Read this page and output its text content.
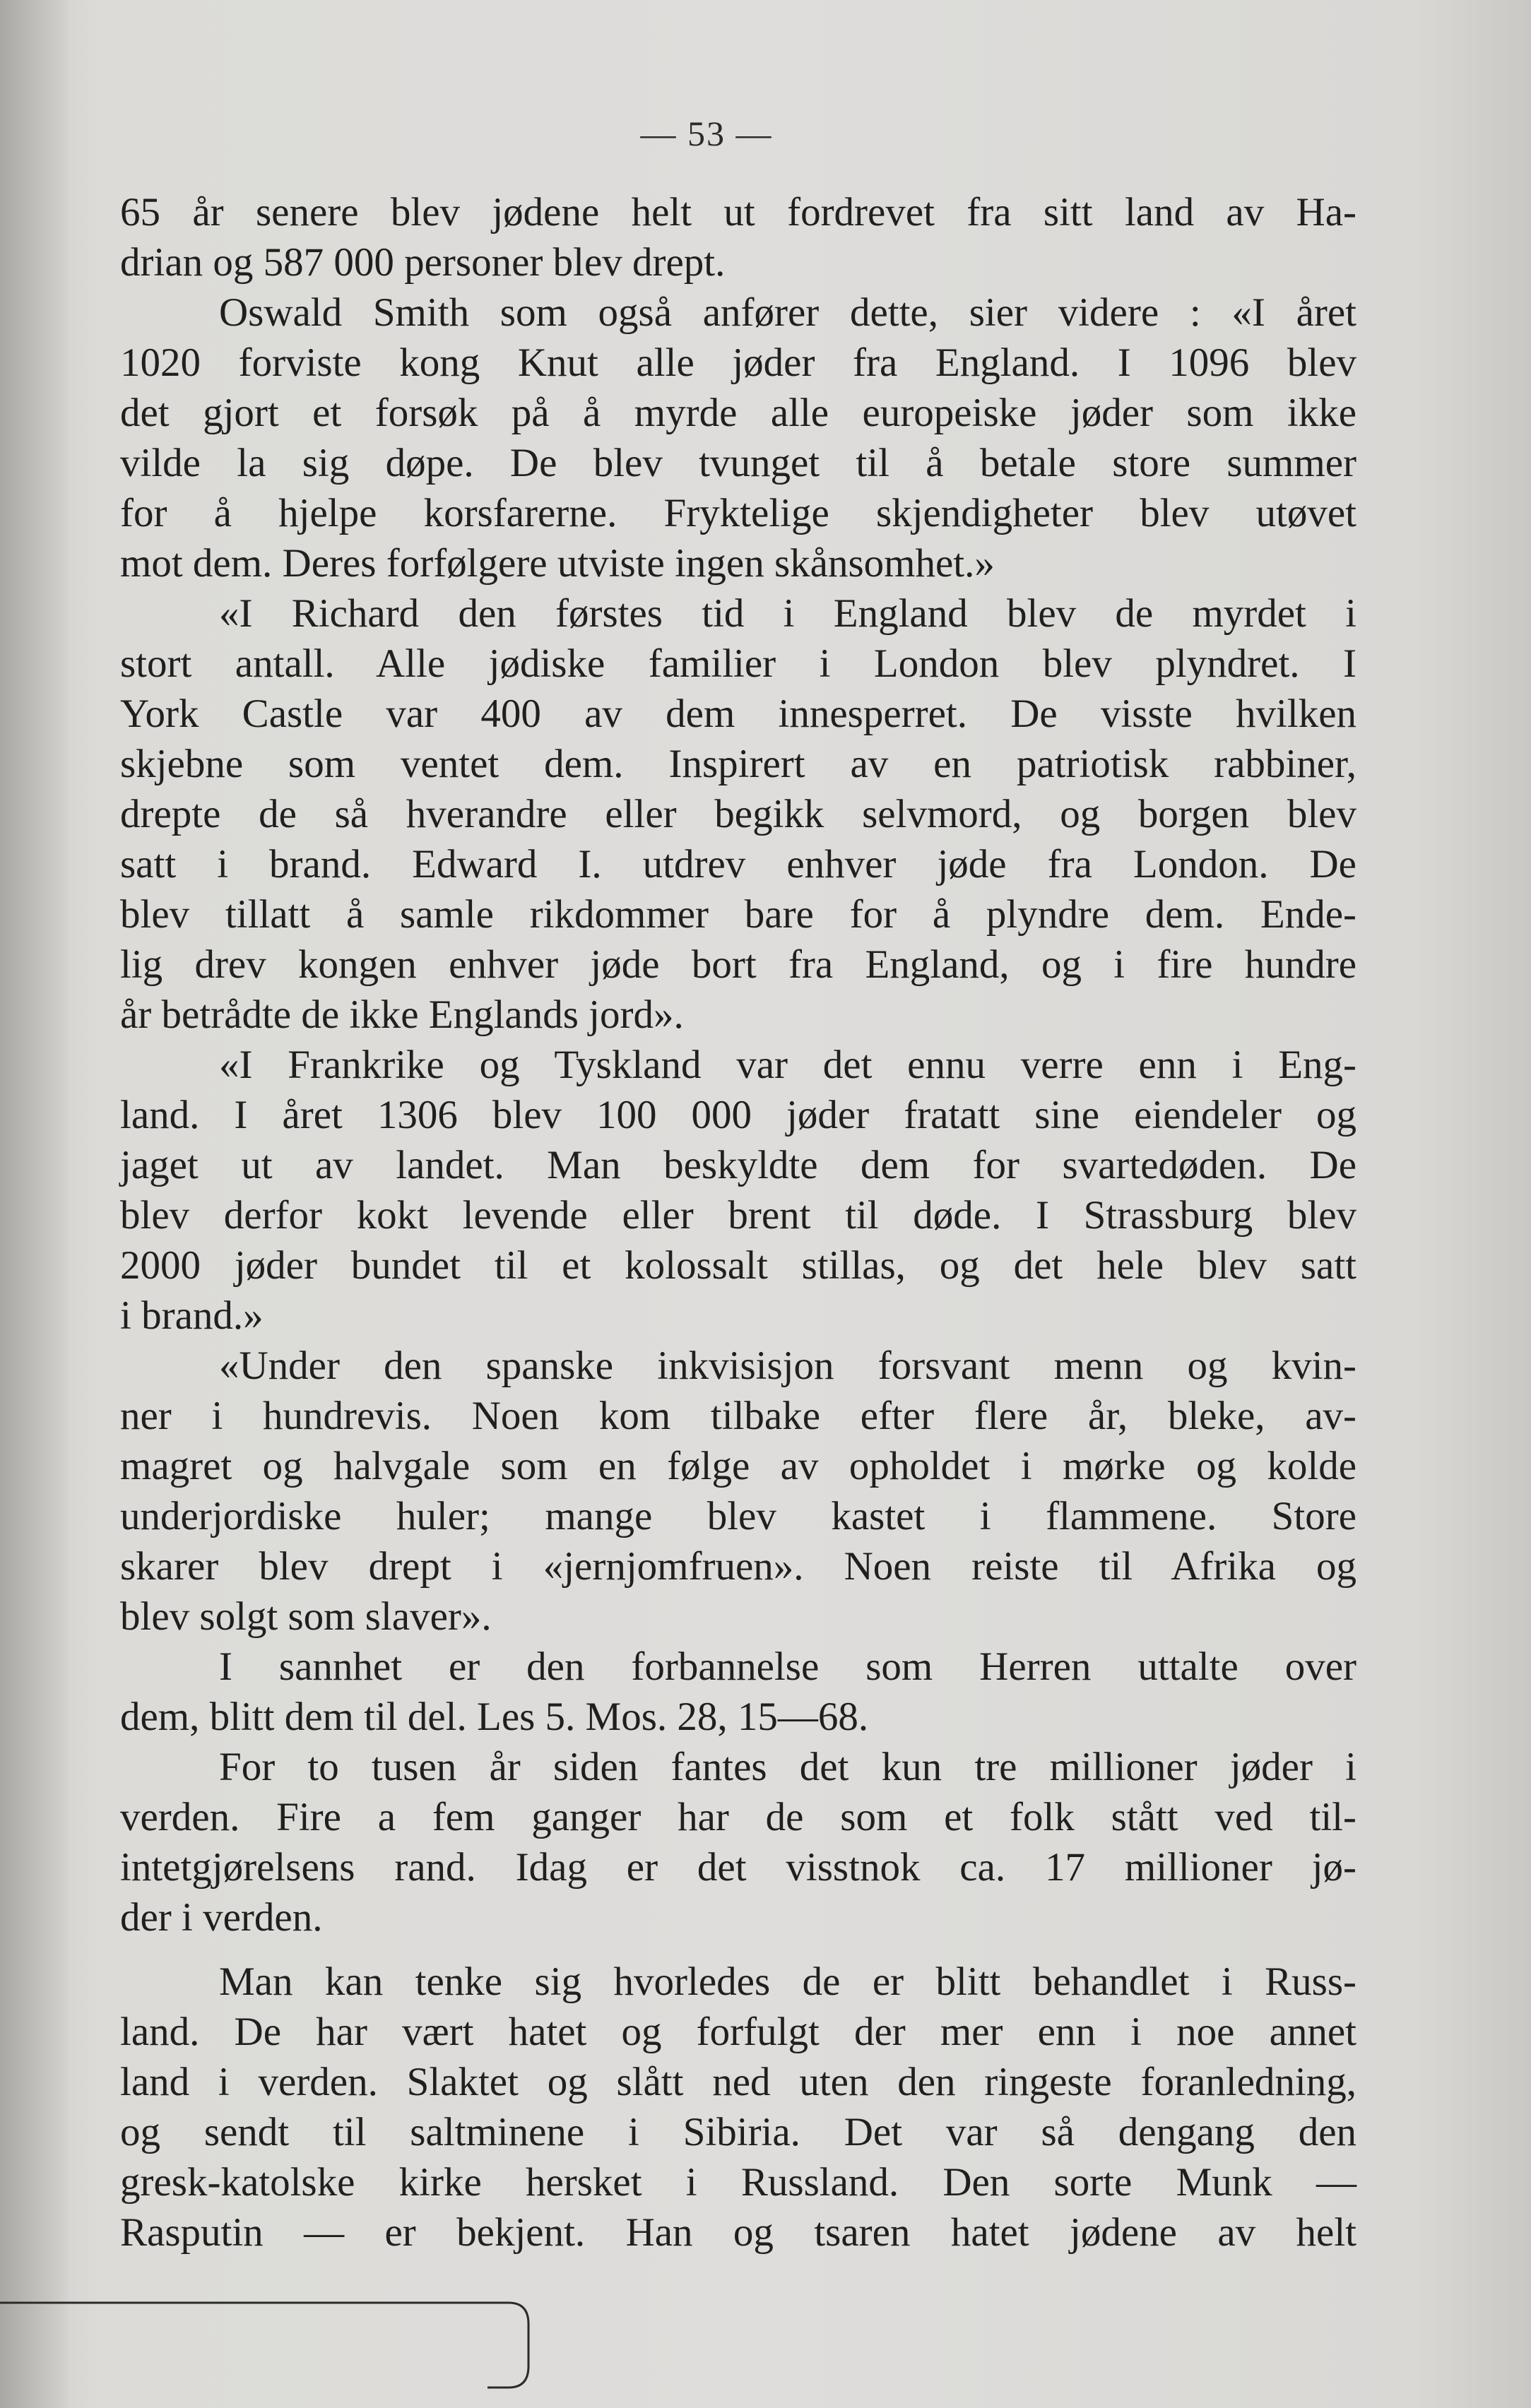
— 53 —
65 år senere blev jødene helt ut fordrevet fra sitt land av Ha-
drian og 587 000 personer blev drept.
Oswald Smith som også anfører dette, sier videre : «I året
1020 forviste kong Knut alle jøder fra England. I 1096 blev
det gjort et forsøk på å myrde alle europeiske jøder som ikke
vilde la sig døpe. De blev tvunget til å betale store summer
for å hjelpe korsfarerne. Fryktelige skjendigheter blev utøvet
mot dem. Deres forfølgere utviste ingen skånsomhet.»
«I Richard den førstes tid i England blev de myrdet i
stort antall. Alle jødiske familier i London blev plyndret. I
York Castle var 400 av dem innesperret. De visste hvilken
skjebne som ventet dem. Inspirert av en patriotisk rabbiner,
drepte de så hverandre eller begikk selvmord, og borgen blev
satt i brand. Edward I. utdrev enhver jøde fra London. De
blev tillatt å samle rikdommer bare for å plyndre dem. Ende-
lig drev kongen enhver jøde bort fra England, og i fire hundre
år betrådte de ikke Englands jord».
«I Frankrike og Tyskland var det ennu verre enn i Eng-
land. I året 1306 blev 100 000 jøder fratatt sine eiendeler og
jaget ut av landet. Man beskyldte dem for svartedøden. De
blev derfor kokt levende eller brent til døde. I Strassburg blev
2000 jøder bundet til et kolossalt stillas, og det hele blev satt
i brand.»
«Under den spanske inkvisisjon forsvant menn og kvin-
ner i hundrevis. Noen kom tilbake efter flere år, bleke, av-
magret og halvgale som en følge av opholdet i mørke og kolde
underjordiske huler; mange blev kastet i flammene. Store
skarer blev drept i «jernjomfruen». Noen reiste til Afrika og
blev solgt som slaver».
I sannhet er den forbannelse som Herren uttalte over
dem, blitt dem til del. Les 5. Mos. 28, 15—68.
For to tusen år siden fantes det kun tre millioner jøder i
verden. Fire a fem ganger har de som et folk stått ved til-
intetgjørelsens rand. Idag er det visstnok ca. 17 millioner jø-
der i verden.
Man kan tenke sig hvorledes de er blitt behandlet i Russ-
land. De har vært hatet og forfulgt der mer enn i noe annet
land i verden. Slaktet og slått ned uten den ringeste foranledning,
og sendt til saltminene i Sibiria. Det var så dengang den
gresk-katolske kirke hersket i Russland. Den sorte Munk —
Rasputin — er bekjent. Han og tsaren hatet jødene av helt
